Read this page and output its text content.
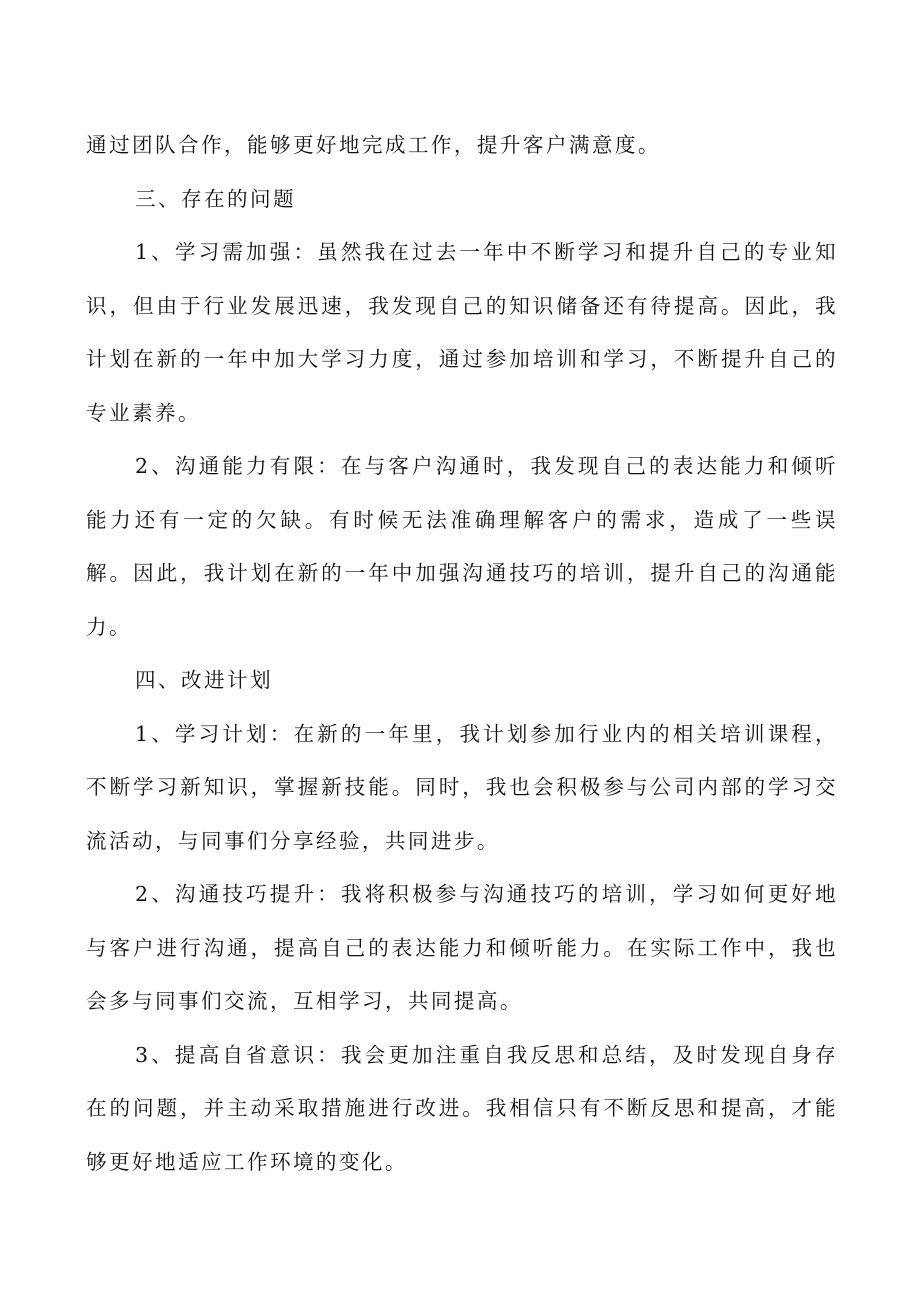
通过团队合作，能够更好地完成工作，提升客户满意度。

三、存在的问题

1、学习需加强：虽然我在过去一年中不断学习和提升自己的专业知识，但由于行业发展迅速，我发现自己的知识储备还有待提高。因此，我计划在新的一年中加大学习力度，通过参加培训和学习，不断提升自己的专业素养。

2、沟通能力有限：在与客户沟通时，我发现自己的表达能力和倾听能力还有一定的欠缺。有时候无法准确理解客户的需求，造成了一些误解。因此，我计划在新的一年中加强沟通技巧的培训，提升自己的沟通能力。

四、改进计划

1、学习计划：在新的一年里，我计划参加行业内的相关培训课程，不断学习新知识，掌握新技能。同时，我也会积极参与公司内部的学习交流活动，与同事们分享经验，共同进步。

2、沟通技巧提升：我将积极参与沟通技巧的培训，学习如何更好地与客户进行沟通，提高自己的表达能力和倾听能力。在实际工作中，我也会多与同事们交流，互相学习，共同提高。

3、提高自省意识：我会更加注重自我反思和总结，及时发现自身存在的问题，并主动采取措施进行改进。我相信只有不断反思和提高，才能够更好地适应工作环境的变化。
